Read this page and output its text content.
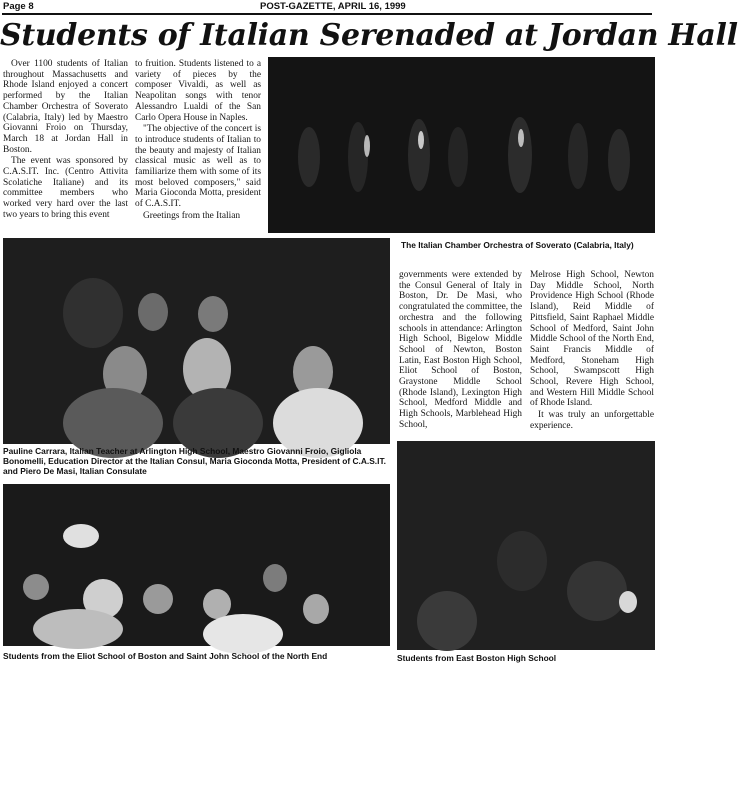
Page 8	POST-GAZETTE, APRIL 16, 1999
Students of Italian Serenaded at Jordan Hall

Over 1100 students of Italian throughout Massachusetts and Rhode Island enjoyed a concert performed by the Italian Chamber Orchestra of Soverato (Calabria, Italy) led by Maestro Giovanni Froio on Thursday, March 18 at Jordan Hall in Boston.

The event was sponsored by C.A.S.IT. Inc. (Centro Attivita Scolatiche Italiane) and its committee members who worked very hard over the last two years to bring this event

to fruition. Students listened to a variety of pieces by the composer Vivaldi, as well as Neapolitan songs with tenor Alessandro Lualdi of the San Carlo Opera House in Naples.

"The objective of the concert is to introduce students of Italian to the beauty and majesty of Italian classical music as well as to familiarize them with some of its most beloved composers," said Maria Gioconda Motta, president of C.A.S.IT.

Greetings from the Italian

governments were extended by the Consul General of Italy in Boston, Dr. De Masi, who congratulated the committee, the orchestra and the following schools in attendance: Arlington High School, Bigelow Middle School of Newton, Boston Latin, East Boston High School, Eliot School of Boston, Graystone Middle School (Rhode Island), Lexington High School, Medford Middle and High Schools, Marblehead High School,

Melrose High School, Newton Day Middle School, North Providence High School (Rhode Island), Reid Middle of Pittsfield, Saint Raphael Middle School of Medford, Saint John Middle School of the North End, Saint Francis Middle of Medford, Stoneham High School, Swampscott High School, Revere High School, and Western Hill Middle School of Rhode Island.

It was truly an unforgettable experience.

The Italian Chamber Orchestra of Soverato (Calabria, Italy)
Pauline Carrara, Italian Teacher at Arlington High School, Maestro Giovanni Froio, Gigliola Bonomelli, Education Director at the Italian Consul, Maria Gioconda Motta, President of C.A.S.IT. and Piero De Masi, Italian Consulate
Students from the Eliot School of Boston and Saint John School of the North End	Students from East Boston High School
